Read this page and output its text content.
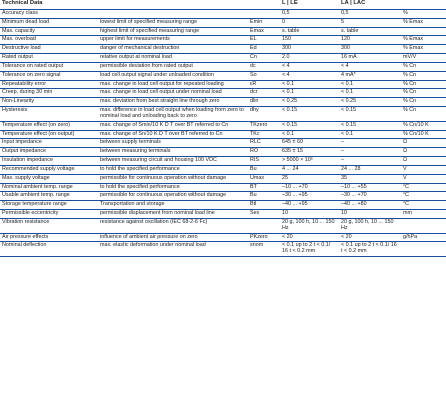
Technical Data			L | LE	LA | LAC	
Accuracy class			0,5	0,5	%
Minimum dead load	lowest limit of specified measuring range	Emin	0	5	% Emax
Max. capacity	highest limit of specified measuring range	Emax	s. table	s. table	
Max. overload	upper limit for measurements	EL	150	120	% Emax
Destructive load	danger of mechanical destruction	Ed	300	300	% Emax
Rated output	relative output at nominal load	Cn	2.0	16 mA	mV/V
Tolerance on rated output	permissible deviation from rated output	dc	< 4	< 4	% Cn
Tolerance on zero signal	load cell output signal under unloaded condition	So	< 4	4 mA*	% Cn
Repeatability error	max. change in load cell output for repeated loading	εR	< 0.1	< 0.1	% Cn
Creep, during 30 min	max. change in load cell output under nominal load	dcr	< 0.1	< 0.1	% Cn
Non-Linearity	max. deviation from best straight line through zero	dlin	< 0.25	< 0.25	% Cn
Hysteresis	max. difference in load cell output when loading from zero to nominal load and unloading back to zero	dhy	< 0.15	< 0.15	% Cn
Temperature effect (on zero)	max. change of Smin/10 K D T over BT referred to Cn	TKzero	< 0.15	< 0.15	% Cn/10 K
Temperature effect (on output)	max. change of Sn/10 K D T over BT referred to Cn	TKc	< 0.1	< 0.1	% Cn/10 K
Input impedance	between supply terminals	RLC	645 ± 60	–	Ω
Output impedance	between measuring terminals	RO	635 ± 15	–	Ω
Insulation impedance	between measuring circuit and housing 100 VDC	RIS	> 5000 × 10⁶	–	Ω
Recommended supply voltage	to hold the specified performance	Bu	4 ... 24	24 ... 28	V
Max. supply voltage	permissible for continuous operation without damage	Umax	25	35	V
Nominal ambient temp. range	to hold the specified performance	BT	–10 ... +70	–10 ... +55	°C
Usable ambient temp. range	permissible for continuous operation without damage	Bu	–30 ... +95	–30 ... +70	°C
Storage temperature range	Transportation and storage	Btl	–40 ... +95	–40 ... +80	°C
Permissible eccentricity	permissible displacement from nominal load line	Sex	10	10	mm
Vibration resistance	resistance against oscillation (IEC 68-2-6 Fc)		20 g, 100 h, 10 ... 150 Hz	20 g, 100 h, 10 ... 150 Hz	
Air pressure effects	influence of ambient air pressure on zero	PKzero	< 20	< 20	g/hPa
Nominal deflection	max. elastic deformation under nominal load	snom	< 0.1 up to 2 t < 0.1/ 16 t < 0.2 mm	< 0.1 up to 2 t < 0.1/ 16 t < 0.2 mm	
